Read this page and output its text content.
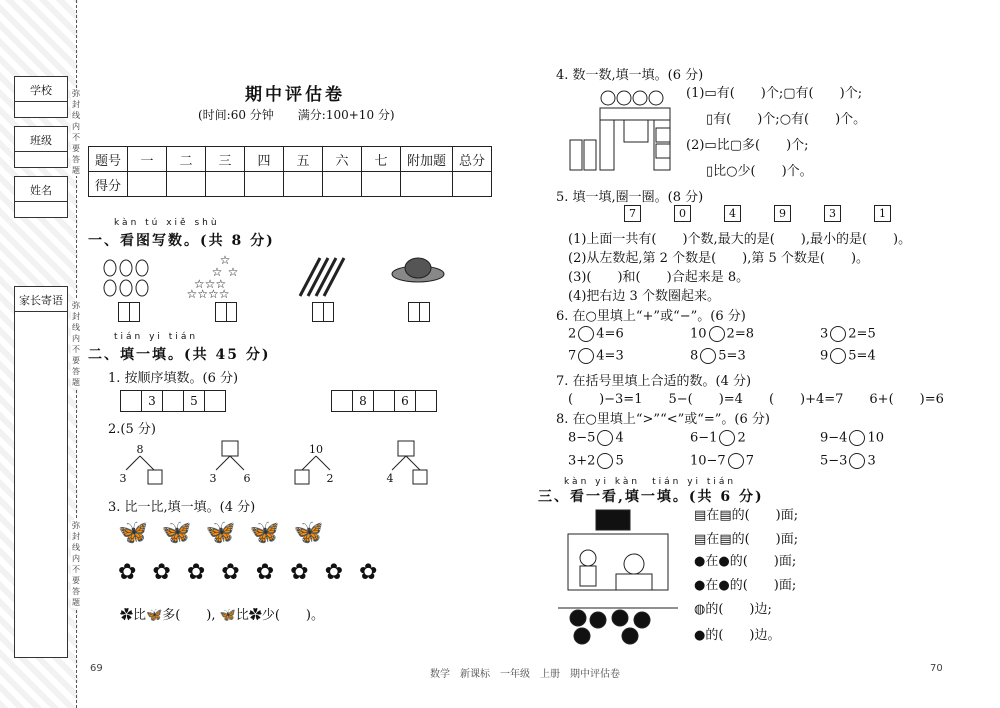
学校
班级
姓名
家长寄语
弥封线内不要答题
弥封线内不要答题
弥封线内不要答题
期中评估卷
(时间:60 分钟　　满分:100+10 分)
题号	一	二	三	四	五	六	七	附加题	总分
得分									
kàn tú xiě shù
一、看图写数。(共 8 分)
☆
☆ ☆
☆☆☆
☆☆☆☆
tián yi tián
二、填一填。(共 45 分)
1. 按顺序填数。(6 分)
3	5	8	6
2.(5 分)
8
3	3 6
10
2	4
3. 比一比,填一填。(4 分)
🦋🦋🦋🦋🦋
✿✿✿✿✿✿✿✿
✿比🦋多(　　), 🦋比✿少(　　)。
4. 数一数,填一填。(6 分)
(1)▭有(　　)个;▢有(　　)个;
▯有(　　)个;○有(　　)个。
(2)▭比▢多(　　)个;
▯比○少(　　)个。
5. 填一填,圈一圈。(8 分)
7	0	4	9	3	1
(1)上面一共有(　　)个数,最大的是(　　),最小的是(　　)。
(2)从左数起,第 2 个数是(　　),第 5 个数是(　　)。
(3)(　　)和(　　)合起来是 8。
(4)把右边 3 个数圈起来。
6. 在○里填上“+”或“−”。(6 分)
2 4=6	10 2=8	3 2=5
7 4=3	8 5=3	9 5=4
7. 在括号里填上合适的数。(4 分)
(　　)−3=1　　5−(　　)=4　　(　　)+4=7　　6+(　　)=6
8. 在○里填上“>”“<”或“=”。(6 分)
8−5 4	6−1 2	9−4 10
3+2 5	10−7 7	5−3 3
kàn yi kàn　tián yi tián
三、看一看,填一填。(共 6 分)
▤在▤的(　　)面;
▤在▤的(　　)面;
●在●的(　　)面;
●在●的(　　)面;
◍的(　　)边;
●的(　　)边。
69
数学　新课标　一年级　上册　期中评估卷
70
